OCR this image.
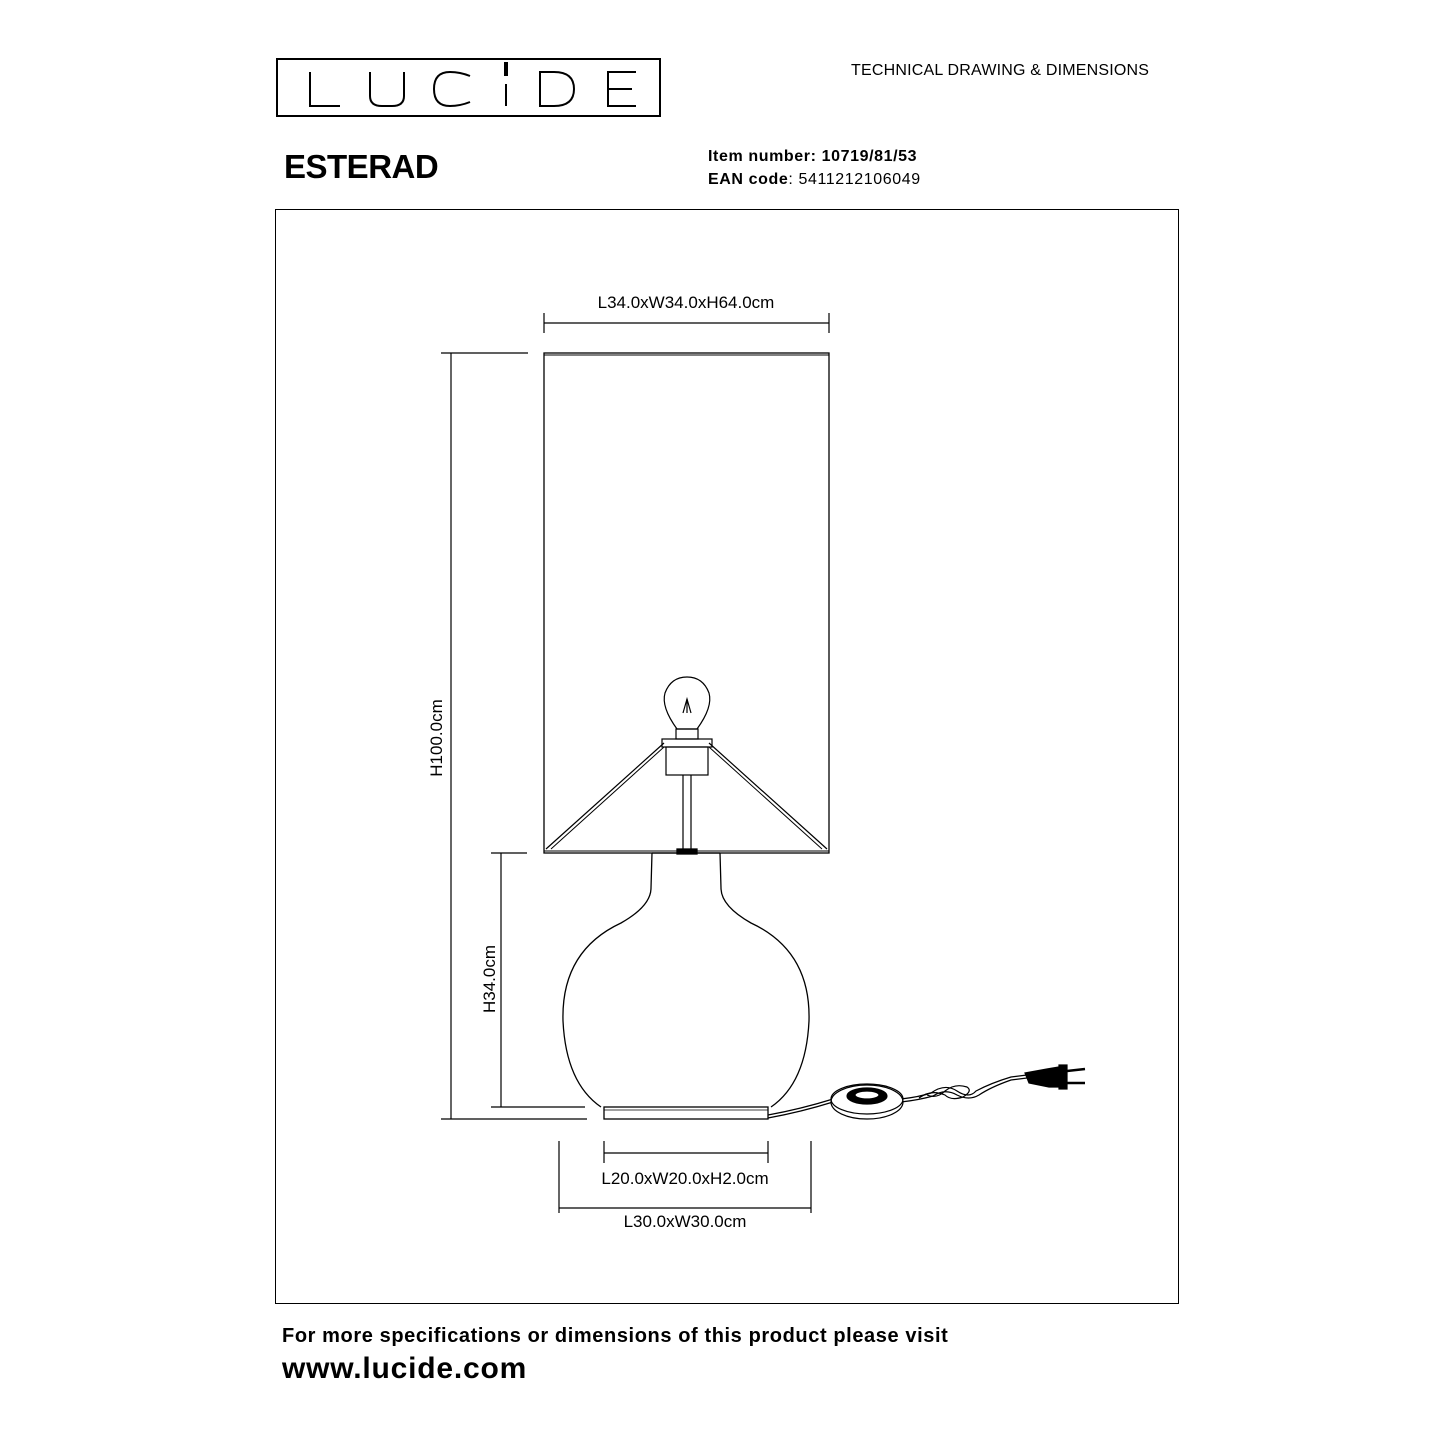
TECHNICAL DRAWING & DIMENSIONS
ESTERAD	Item number: 10719/81/53
EAN code: 5411212106049
L34.0xW34.0xH64.0cm
H100.0cm
H34.0cm
L20.0xW20.0xH2.0cm
L30.0xW30.0cm
For more specifications or dimensions of this product please visit
www.lucide.com
